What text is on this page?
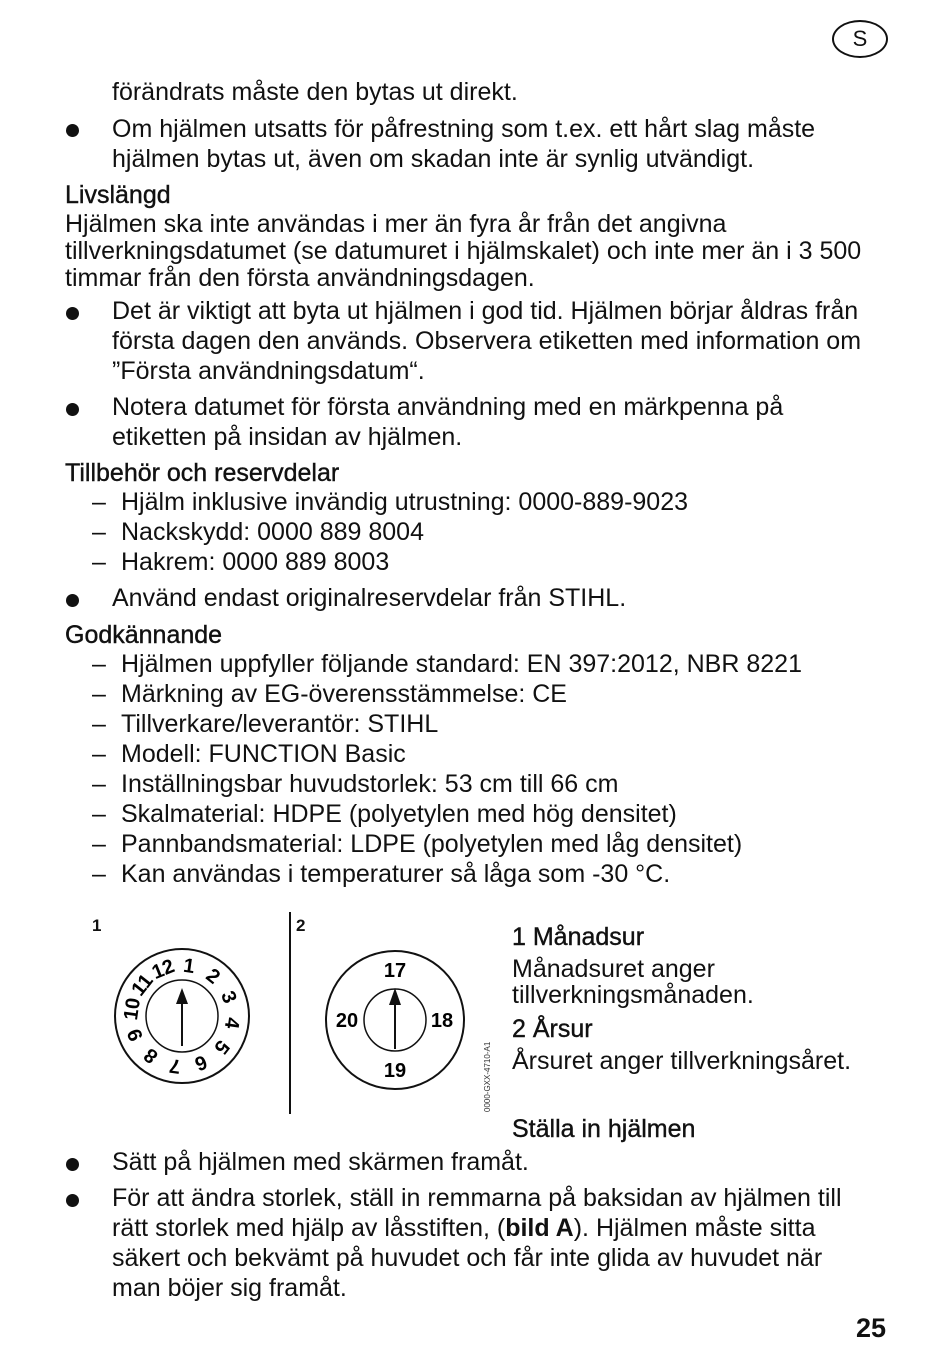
S
förändrats måste den bytas ut direkt.
Om hjälmen utsatts för påfrestning som t.ex. ett hårt slag måste
hjälmen bytas ut, även om skadan inte är synlig utvändigt.
Livslängd
Hjälmen ska inte användas i mer än fyra år från det angivna
tillverkningsdatumet (se datumuret i hjälmskalet) och inte mer än i 3 500
timmar från den första användningsdagen.
Det är viktigt att byta ut hjälmen i god tid. Hjälmen börjar åldras från
första dagen den används. Observera etiketten med information om
”Första användningsdatum“.
Notera datumet för första användning med en märkpenna på
etiketten på insidan av hjälmen.
Tillbehör och reservdelar
– Hjälm inklusive invändig utrustning: 0000-889-9023
– Nackskydd: 0000 889 8004
– Hakrem: 0000 889 8003
Använd endast originalreservdelar från STIHL.
Godkännande
– Hjälmen uppfyller följande standard: EN 397:2012, NBR 8221
– Märkning av EG-överensstämmelse: CE
– Tillverkare/leverantör: STIHL
– Modell: FUNCTION Basic
– Inställningsbar huvudstorlek: 53 cm till 66 cm
– Skalmaterial: HDPE (polyetylen med hög densitet)
– Pannbandsmaterial: LDPE (polyetylen med låg densitet)
– Kan användas i temperaturer så låga som -30 °C.
1	2
1 2
3
4
5
6
7
8
9
10
11
12	17
18
19
20
0000-GXX-4710-A1
1 Månadsur
Månadsuret anger
tillverkningsmånaden.
2 Årsur
Årsuret anger tillverkningsåret.
Ställa in hjälmen
Sätt på hjälmen med skärmen framåt.
För att ändra storlek, ställ in remmarna på baksidan av hjälmen till
rätt storlek med hjälp av låsstiften, (bild A). Hjälmen måste sitta
säkert och bekvämt på huvudet och får inte glida av huvudet när
man böjer sig framåt.
25
